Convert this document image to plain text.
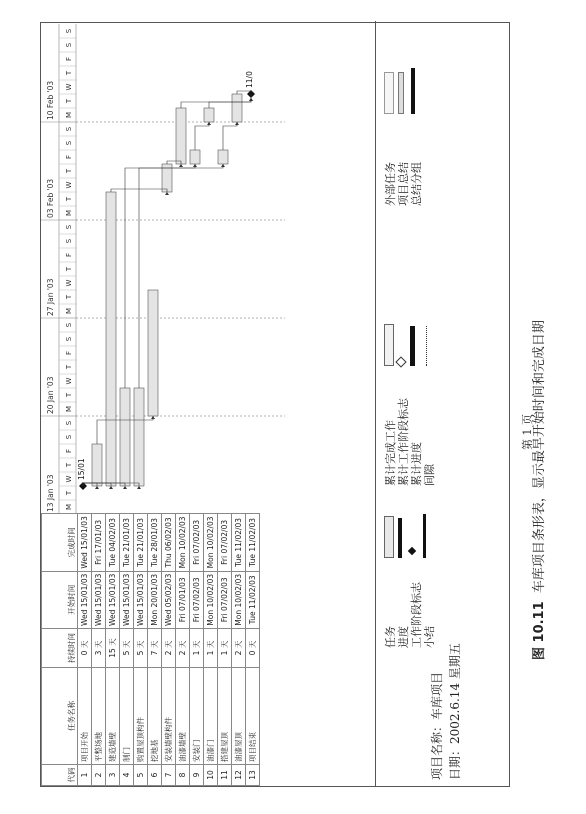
代码	任务名称	持续时间	开始时间	完成时间
1	项目开始	0 天	Wed 15/01/03	Wed 15/01/03
2	平整场地	3 天	Wed 15/01/03	Fri 17/01/03
3	建造墙壁	15 天	Wed 15/01/03	Tue 04/02/03
4	制门	5 天	Wed 15/01/03	Tue 21/01/03
5	购置屋顶构件	5 天	Wed 15/01/03	Tue 21/01/03
6	挖地基	7 天	Mon 20/01/03	Tue 28/01/03
7	安装墙壁构件	2 天	Wed 05/02/03	Thu 06/02/03
8	油漆墙壁	2 天	Fri 07/01/03	Mon 10/02/03
9	安装门	1 天	Fri 07/02/03	Fri 07/02/03
10	油漆门	1 天	Mon 10/02/03	Mon 10/02/03
11	搭建屋顶	1 天	Fri 07/02/03	Fri 07/02/03
12	油漆屋顶	2 天	Mon 10/02/03	Tue 11/02/03
13	项目结束	0 天	Tue 11/02/03	Tue 11/02/03
13 Jan '03
20 Jan '03
27 Jan '03
03 Feb '03
10 Feb '03
M
T
W
T
F
S
S
M
T
W
T
F
S
S
M
T
W
T
F
S
S
M
T
W
T
F
S
S
M
T
W
T
F
S
S
15/01
11/0
项目名称：车库项目 日期：2002.6.14 星期五
任务 进度 工作阶段标志 小结
累计完成工作 累计工作阶段标志 累计进度 间隙
外部任务 项目总结 总结分组
第 1 页
图 10.11  车库项目条形表，显示最早开始时间和完成日期
